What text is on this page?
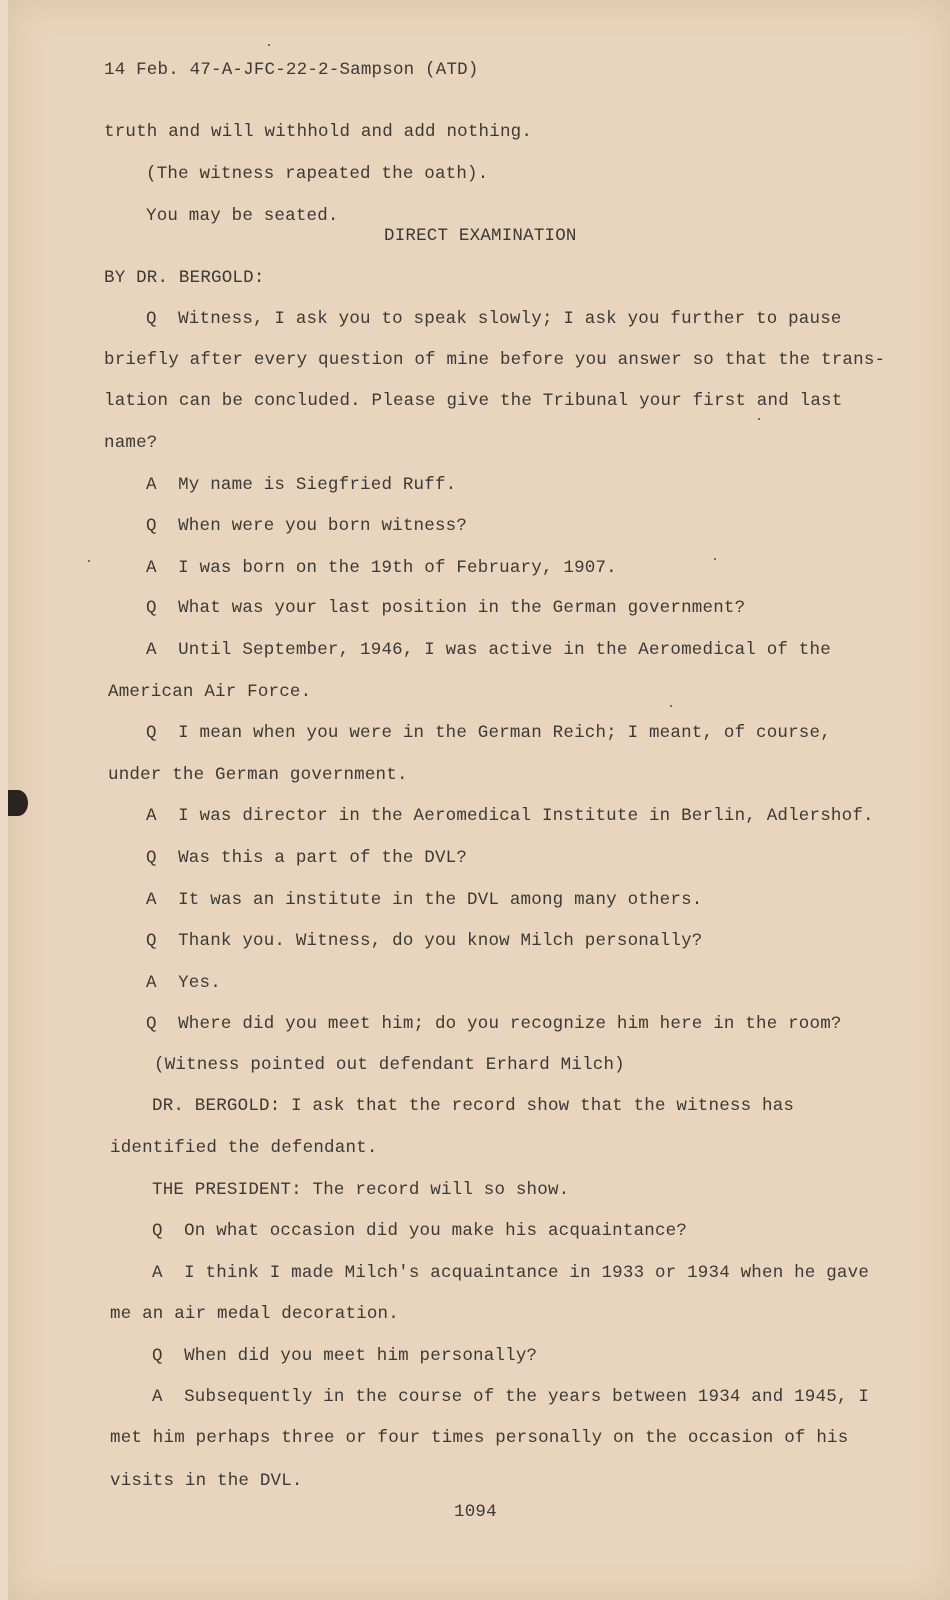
14 Feb. 47-A-JFC-22-2-Sampson (ATD)
truth and will withhold and add nothing.
(The witness rapeated the oath).
You may be seated.
DIRECT EXAMINATION
BY DR. BERGOLD:
Q  Witness, I ask you to speak slowly; I ask you further to pause
briefly after every question of mine before you answer so that the trans-
lation can be concluded. Please give the Tribunal your first and last
name?
A  My name is Siegfried Ruff.
Q  When were you born witness?
A  I was born on the 19th of February, 1907.
Q  What was your last position in the German government?
A  Until September, 1946, I was active in the Aeromedical of the
American Air Force.
Q  I mean when you were in the German Reich; I meant, of course,
under the German government.
A  I was director in the Aeromedical Institute in Berlin, Adlershof.
Q  Was this a part of the DVL?
A  It was an institute in the DVL among many others.
Q  Thank you. Witness, do you know Milch personally?
A  Yes.
Q  Where did you meet him; do you recognize him here in the room?
(Witness pointed out defendant Erhard Milch)
DR. BERGOLD: I ask that the record show that the witness has
identified the defendant.
THE PRESIDENT: The record will so show.
Q  On what occasion did you make his acquaintance?
A  I think I made Milch's acquaintance in 1933 or 1934 when he gave
me an air medal decoration.
Q  When did you meet him personally?
A  Subsequently in the course of the years between 1934 and 1945, I
met him perhaps three or four times personally on the occasion of his
visits in the DVL.
1094
